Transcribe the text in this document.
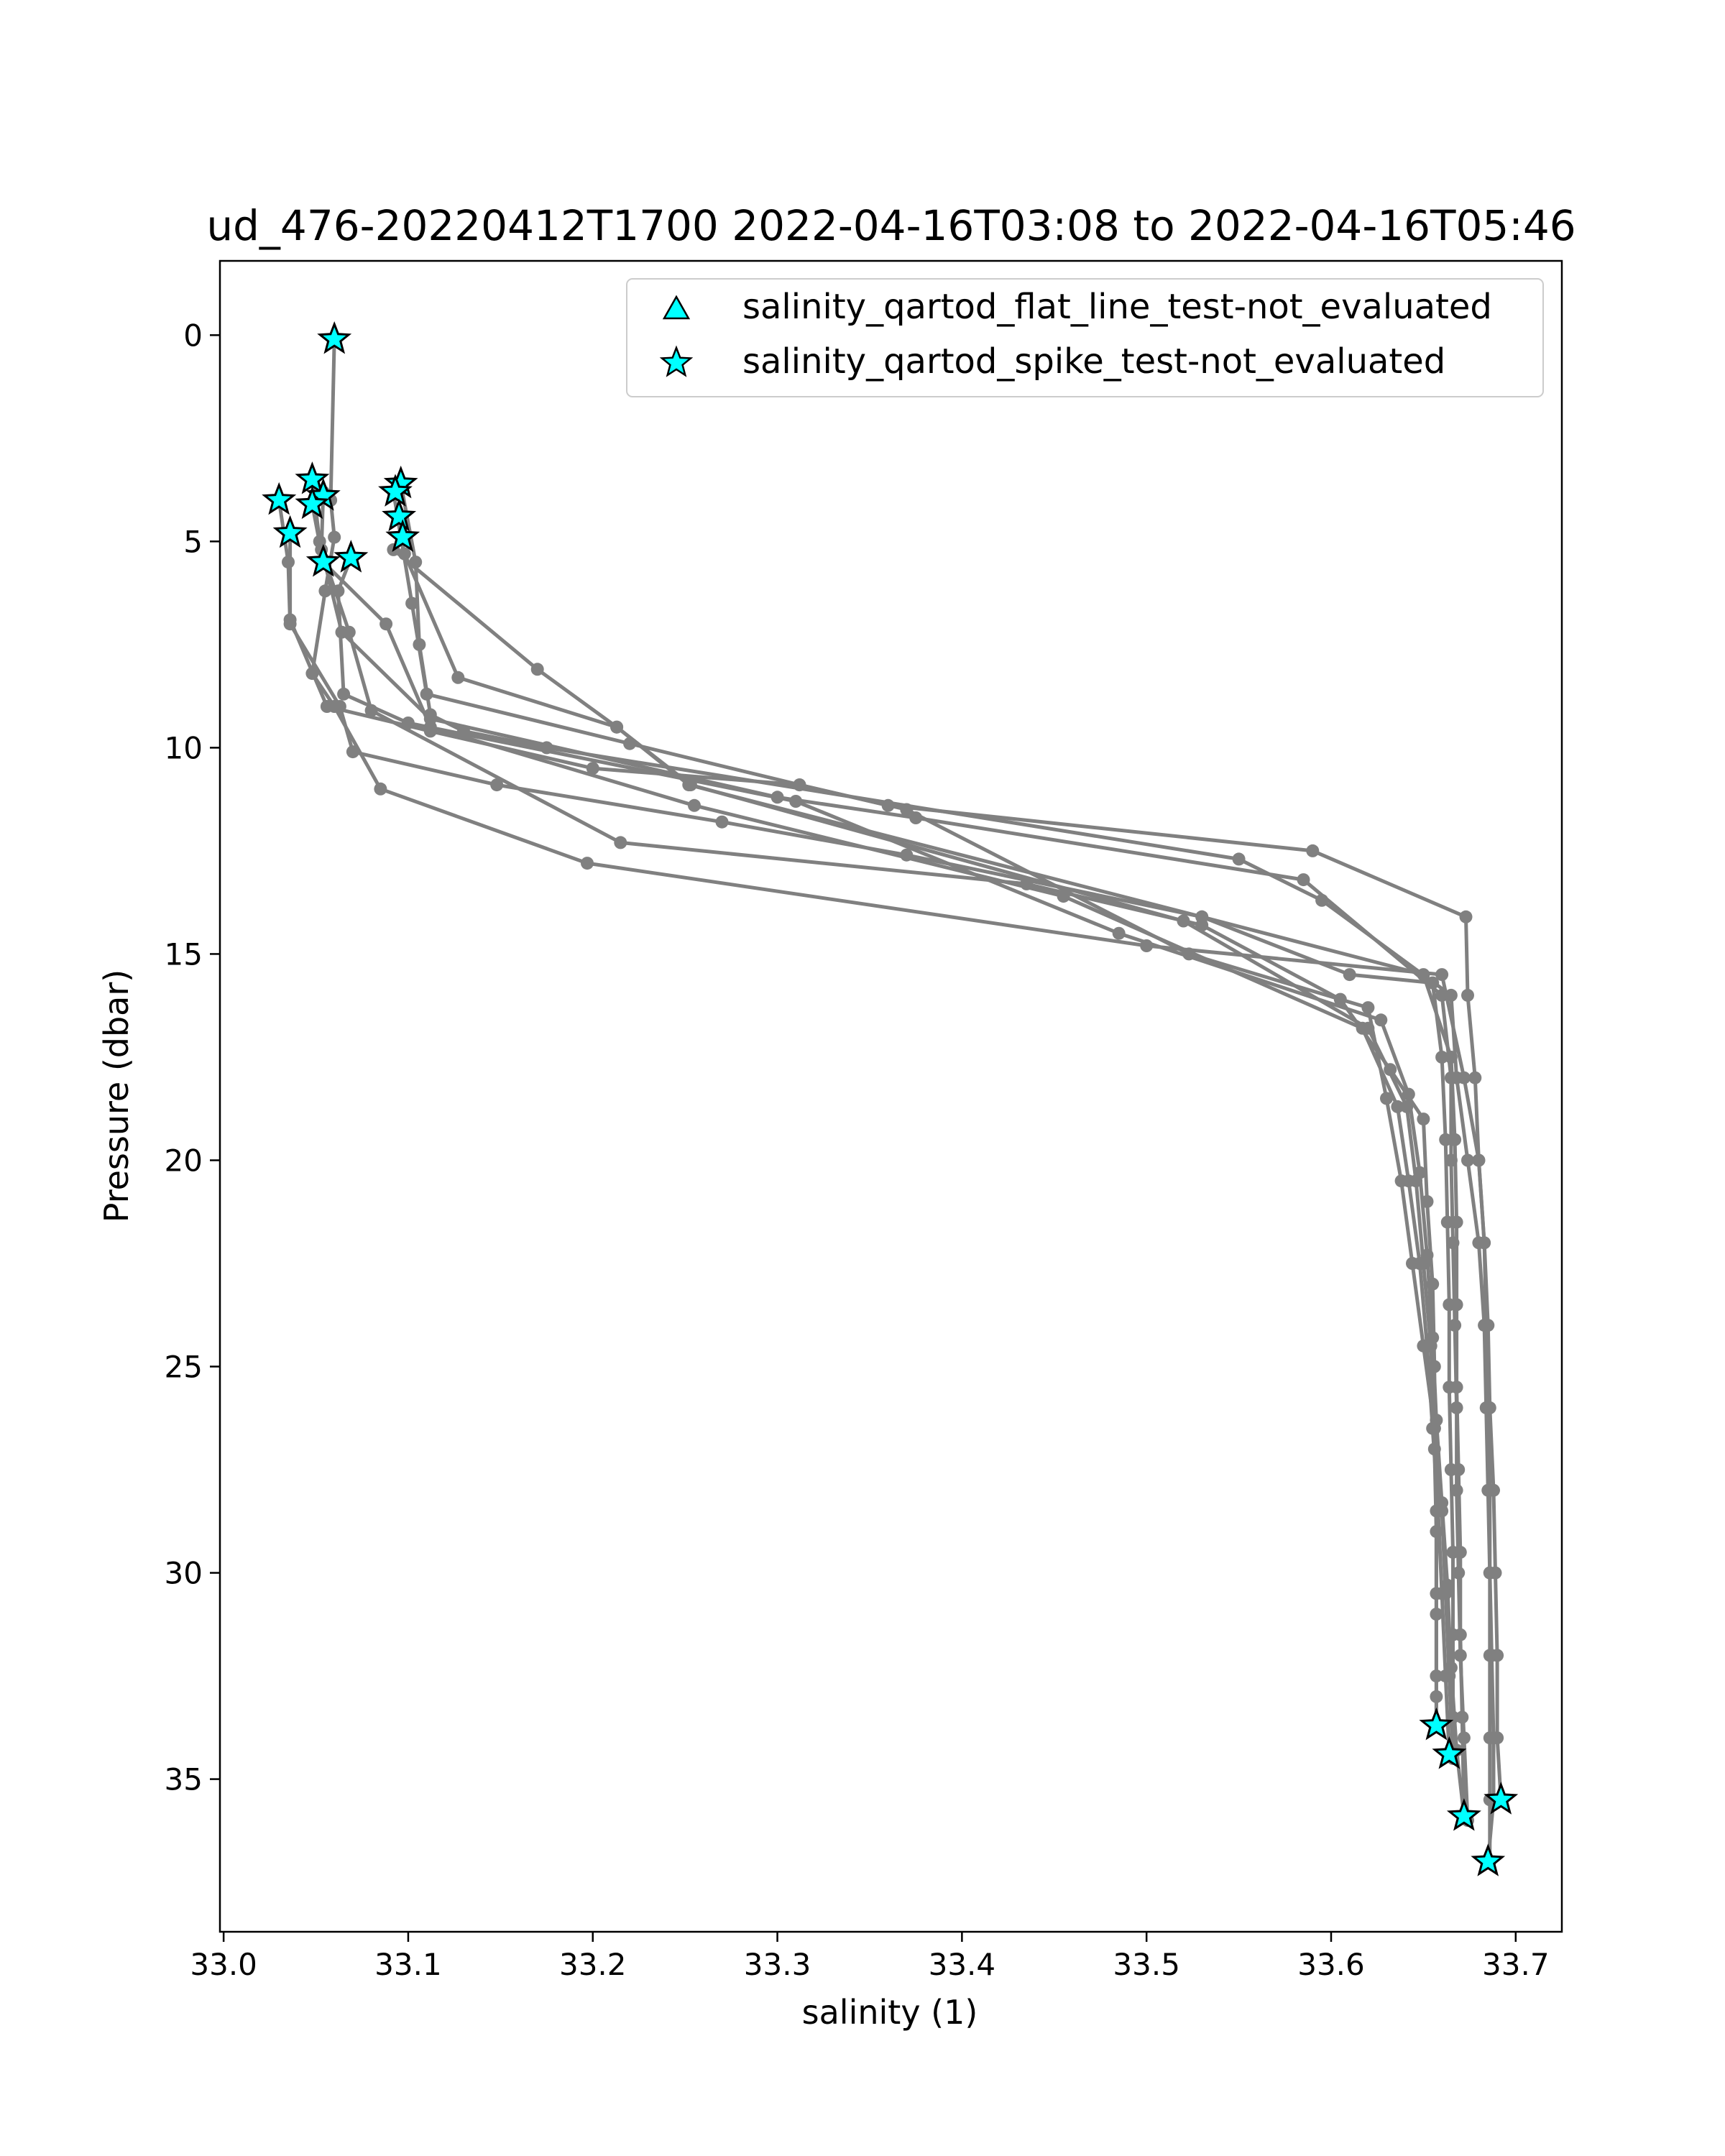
ud_476-20220412T1700 2022-04-16T03:08 to 2022-04-16T05:46
33.0	33.1	33.2	33.3	33.4	33.5	33.6	33.7
0
5
10
15
20
25
30
35
salinity (1)
Pressure (dbar)
salinity_qartod_flat_line_test-not_evaluated
salinity_qartod_spike_test-not_evaluated
